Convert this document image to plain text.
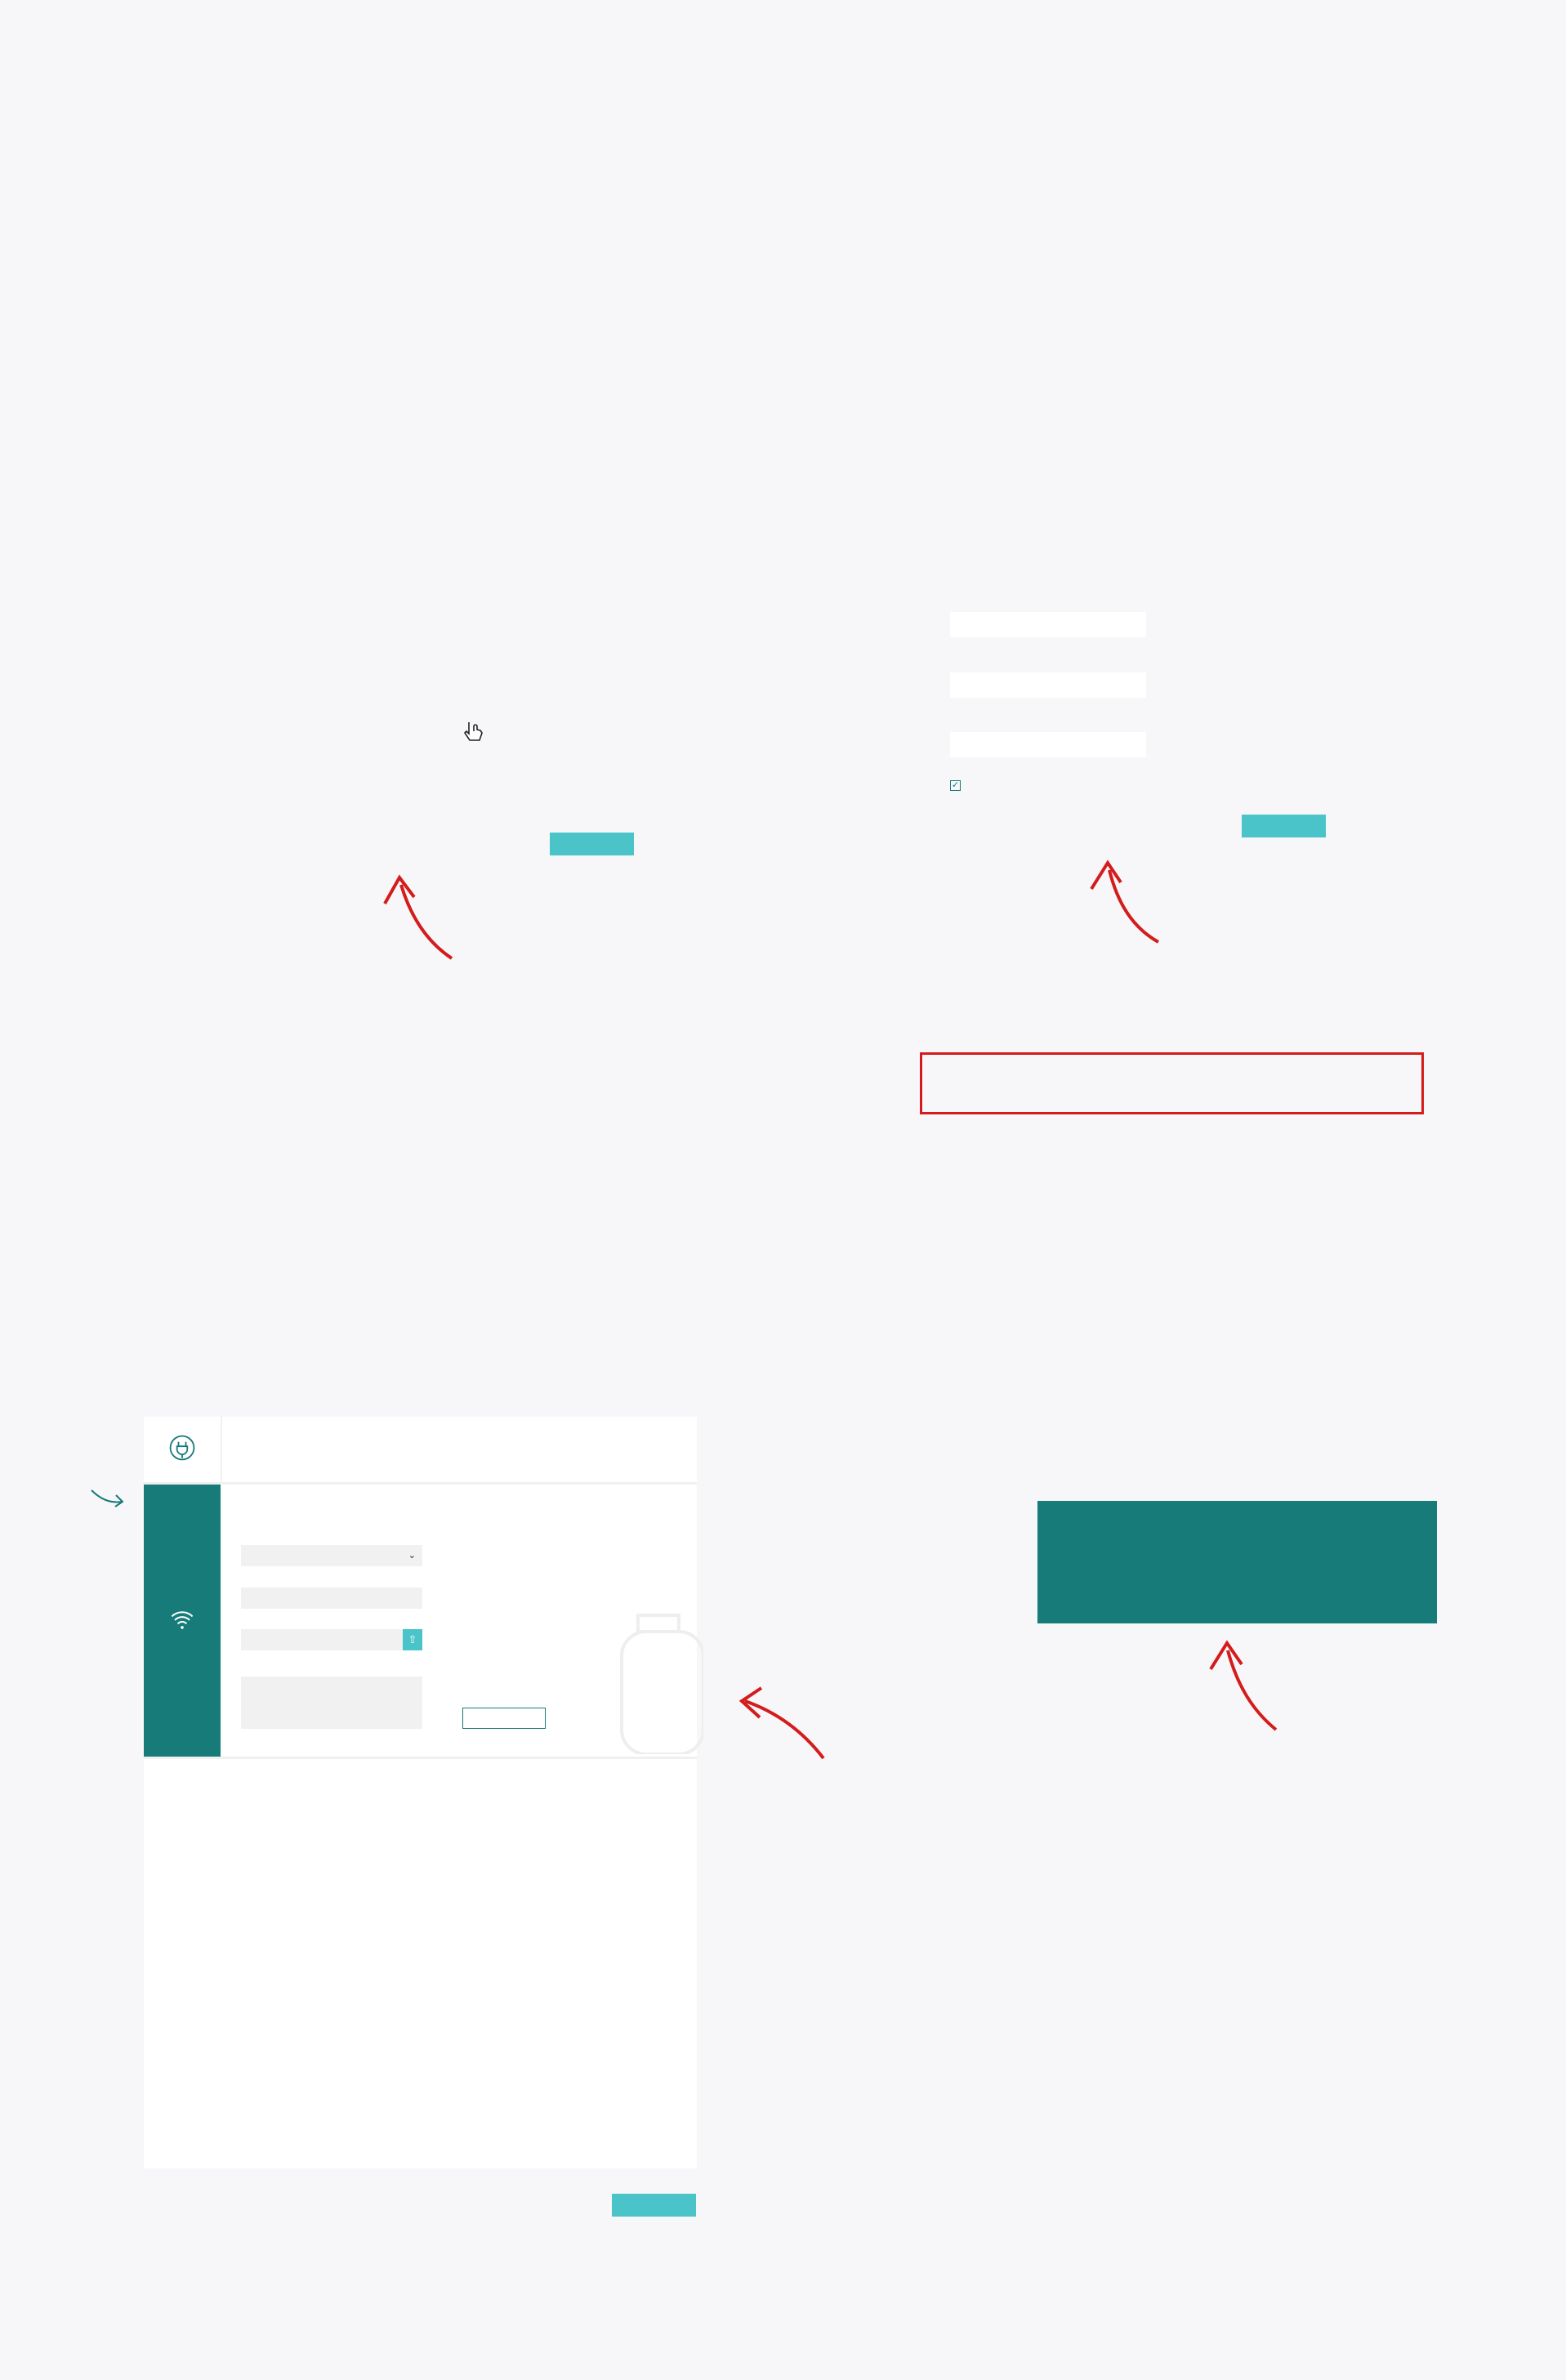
✓
⌄
⇧
